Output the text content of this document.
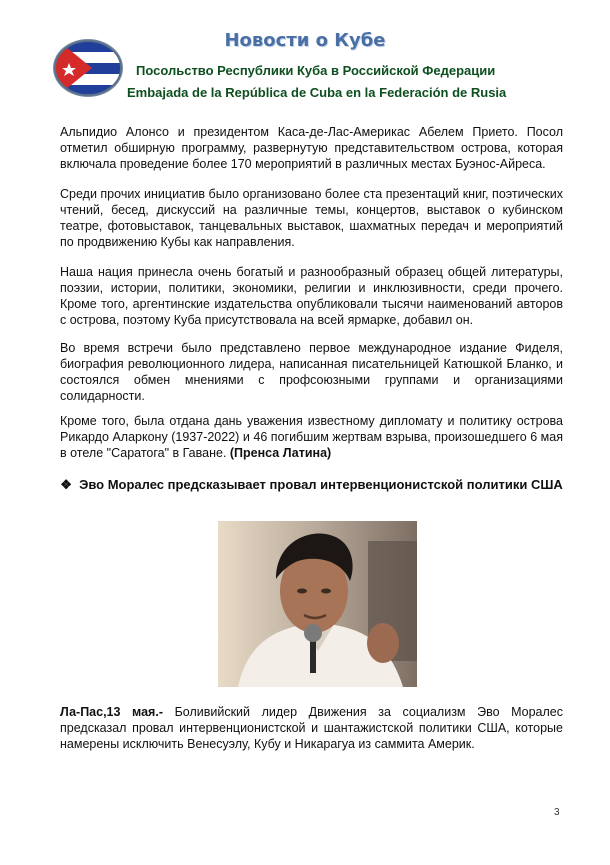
Новости о Кубе
Посольство Республики Куба в Российской Федерации
Embajada de la República de Cuba en la Federación de Rusia

Альпидио Алонсо и президентом Каса-де-Лас-Америкас Абелем Прието. Посол отметил обширную программу, развернутую представительством острова, которая включала проведение более 170 мероприятий в различных местах Буэнос-Айреса.

Среди прочих инициатив было организовано более ста презентаций книг, поэтических чтений, бесед, дискуссий на различные темы, концертов, выставок о кубинском театре, фотовыставок, танцевальных выставок, шахматных передач и мероприятий по продвижению Кубы как направления.

Наша нация принесла очень богатый и разнообразный образец общей литературы, поэзии, истории, политики, экономики, религии и инклюзивности, среди прочего. Кроме того, аргентинские издательства опубликовали тысячи наименований авторов с острова, поэтому Куба присутствовала на всей ярмарке, добавил он.

Во время встречи было представлено первое международное издание Фиделя, биография революционного лидера, написанная писательницей Катюшкой Бланко, и состоялся обмен мнениями с профсоюзными группами и организациями солидарности.

Кроме того, была отдана дань уважения известному дипломату и политику острова Рикардо Аларкону (1937-2022) и 46 погибшим жертвам взрыва, произошедшего 6 мая в отеле "Саратога" в Гаване. (Пренса Латина)

❖ Эво Моралес предсказывает провал интервенционистской политики США

Ла-Пас,13 мая.- Боливийский лидер Движения за социализм Эво Моралес предсказал провал интервенционистской и шантажистской политики США, которые намерены исключить Венесуэлу, Кубу и Никарагуа из саммита Америк.

3
